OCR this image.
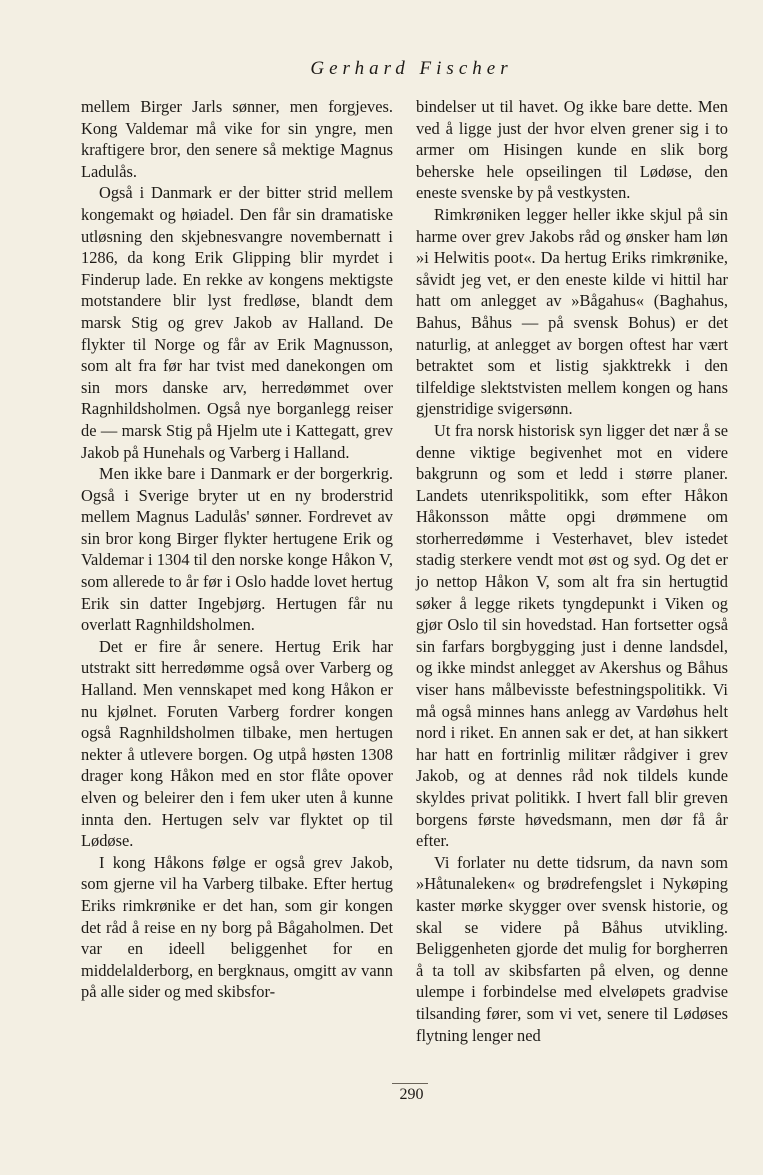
Gerhard Fischer

mellem Birger Jarls sønner, men forgjeves. Kong Valdemar må vike for sin yngre, men kraftigere bror, den senere så mektige Magnus Ladulås.

Også i Danmark er der bitter strid mellem kongemakt og høiadel. Den får sin dramatiske utløsning den skjebnesvangre novembernatt i 1286, da kong Erik Glipping blir myrdet i Finderup lade. En rekke av kongens mektigste motstandere blir lyst fredløse, blandt dem marsk Stig og grev Jakob av Halland. De flykter til Norge og får av Erik Magnusson, som alt fra før har tvist med danekongen om sin mors danske arv, herredømmet over Ragnhildsholmen. Også nye borganlegg reiser de — marsk Stig på Hjelm ute i Kattegatt, grev Jakob på Hunehals og Varberg i Halland.

Men ikke bare i Danmark er der borgerkrig. Også i Sverige bryter ut en ny broderstrid mellem Magnus Ladulås' sønner. Fordrevet av sin bror kong Birger flykter hertugene Erik og Valdemar i 1304 til den norske konge Håkon V, som allerede to år før i Oslo hadde lovet hertug Erik sin datter Ingebjørg. Hertugen får nu overlatt Ragnhildsholmen.

Det er fire år senere. Hertug Erik har utstrakt sitt herredømme også over Varberg og Halland. Men vennskapet med kong Håkon er nu kjølnet. Foruten Varberg fordrer kongen også Ragnhildsholmen tilbake, men hertugen nekter å utlevere borgen. Og utpå høsten 1308 drager kong Håkon med en stor flåte opover elven og beleirer den i fem uker uten å kunne innta den. Hertugen selv var flyktet op til Lødøse.

I kong Håkons følge er også grev Jakob, som gjerne vil ha Varberg tilbake. Efter hertug Eriks rimkrønike er det han, som gir kongen det råd å reise en ny borg på Bågaholmen. Det var en ideell beliggenhet for en middelalderborg, en bergknaus, omgitt av vann på alle sider og med skibsfor-

bindelser ut til havet. Og ikke bare dette. Men ved å ligge just der hvor elven grener sig i to armer om Hisingen kunde en slik borg beherske hele opseilingen til Lødøse, den eneste svenske by på vestkysten.

Rimkrøniken legger heller ikke skjul på sin harme over grev Jakobs råd og ønsker ham løn »i Helwitis poot«. Da hertug Eriks rimkrønike, såvidt jeg vet, er den eneste kilde vi hittil har hatt om anlegget av »Bågahus« (Baghahus, Bahus, Båhus — på svensk Bohus) er det naturlig, at anlegget av borgen oftest har vært betraktet som et listig sjakktrekk i den tilfeldige slektstvisten mellem kongen og hans gjenstridige svigersønn.

Ut fra norsk historisk syn ligger det nær å se denne viktige begivenhet mot en videre bakgrunn og som et ledd i større planer. Landets utenrikspolitikk, som efter Håkon Håkonsson måtte opgi drømmene om storherredømme i Vesterhavet, blev istedet stadig sterkere vendt mot øst og syd. Og det er jo nettop Håkon V, som alt fra sin hertugtid søker å legge rikets tyngdepunkt i Viken og gjør Oslo til sin hovedstad. Han fortsetter også sin farfars borgbygging just i denne landsdel, og ikke mindst anlegget av Akershus og Båhus viser hans målbevisste befestningspolitikk. Vi må også minnes hans anlegg av Vardøhus helt nord i riket. En annen sak er det, at han sikkert har hatt en fortrinlig militær rådgiver i grev Jakob, og at dennes råd nok tildels kunde skyldes privat politikk. I hvert fall blir greven borgens første høvedsmann, men dør få år efter.

Vi forlater nu dette tidsrum, da navn som »Håtunaleken« og brødrefengslet i Nykøping kaster mørke skygger over svensk historie, og skal se videre på Båhus utvikling. Beliggenheten gjorde det mulig for borgherren å ta toll av skibsfarten på elven, og denne ulempe i forbindelse med elveløpets gradvise tilsanding fører, som vi vet, senere til Lødøses flytning lenger ned

290
